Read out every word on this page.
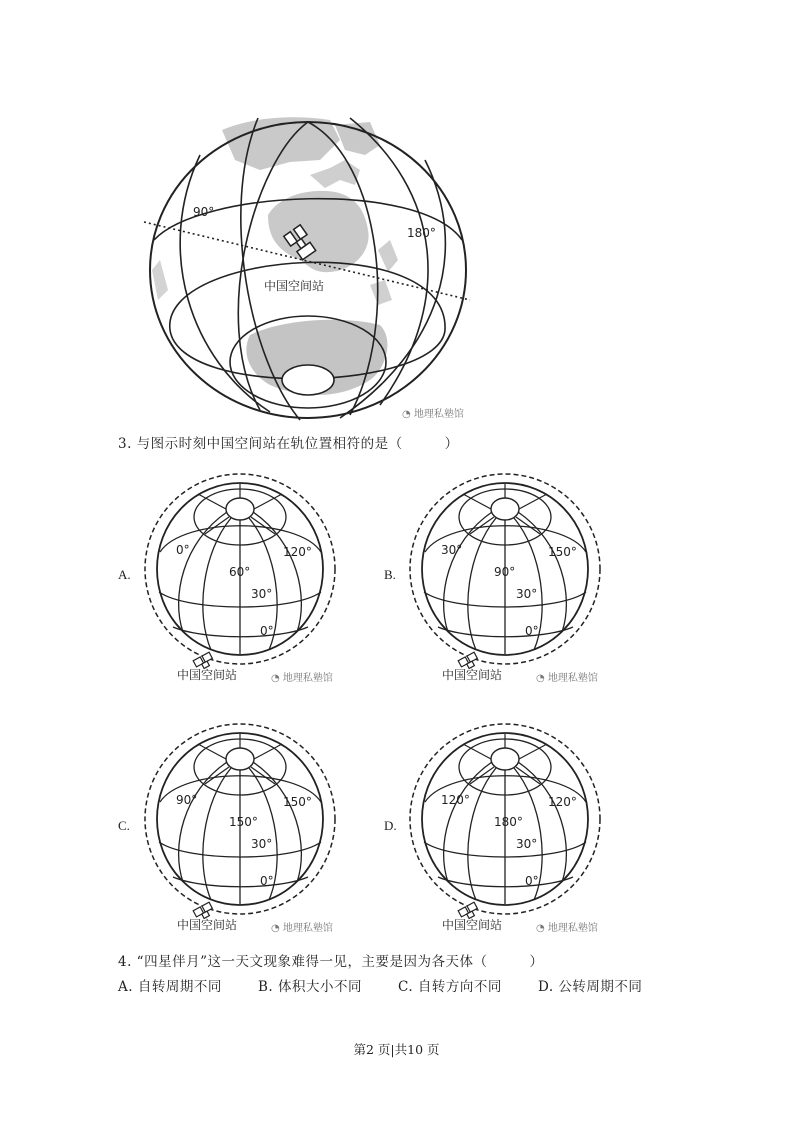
90°
180°
中国空间站
◔ 地理私塾馆
3. 与图示时刻中国空间站在轨位置相符的是（　　　）
A.
0°	120°
60°
30°
0°
中国空间站	◔ 地理私塾馆
B.
30°	150°
90°
30°
0°
中国空间站	◔ 地理私塾馆
C.
90°	150°
150°
30°
0°
中国空间站	◔ 地理私塾馆
D.
120°	120°
180°
30°
0°
中国空间站	◔ 地理私塾馆
4. “四星伴月”这一天文现象难得一见，主要是因为各天体（　　　）
A. 自转周期不同	B. 体积大小不同	C. 自转方向不同	D. 公转周期不同
第2 页|共10 页
